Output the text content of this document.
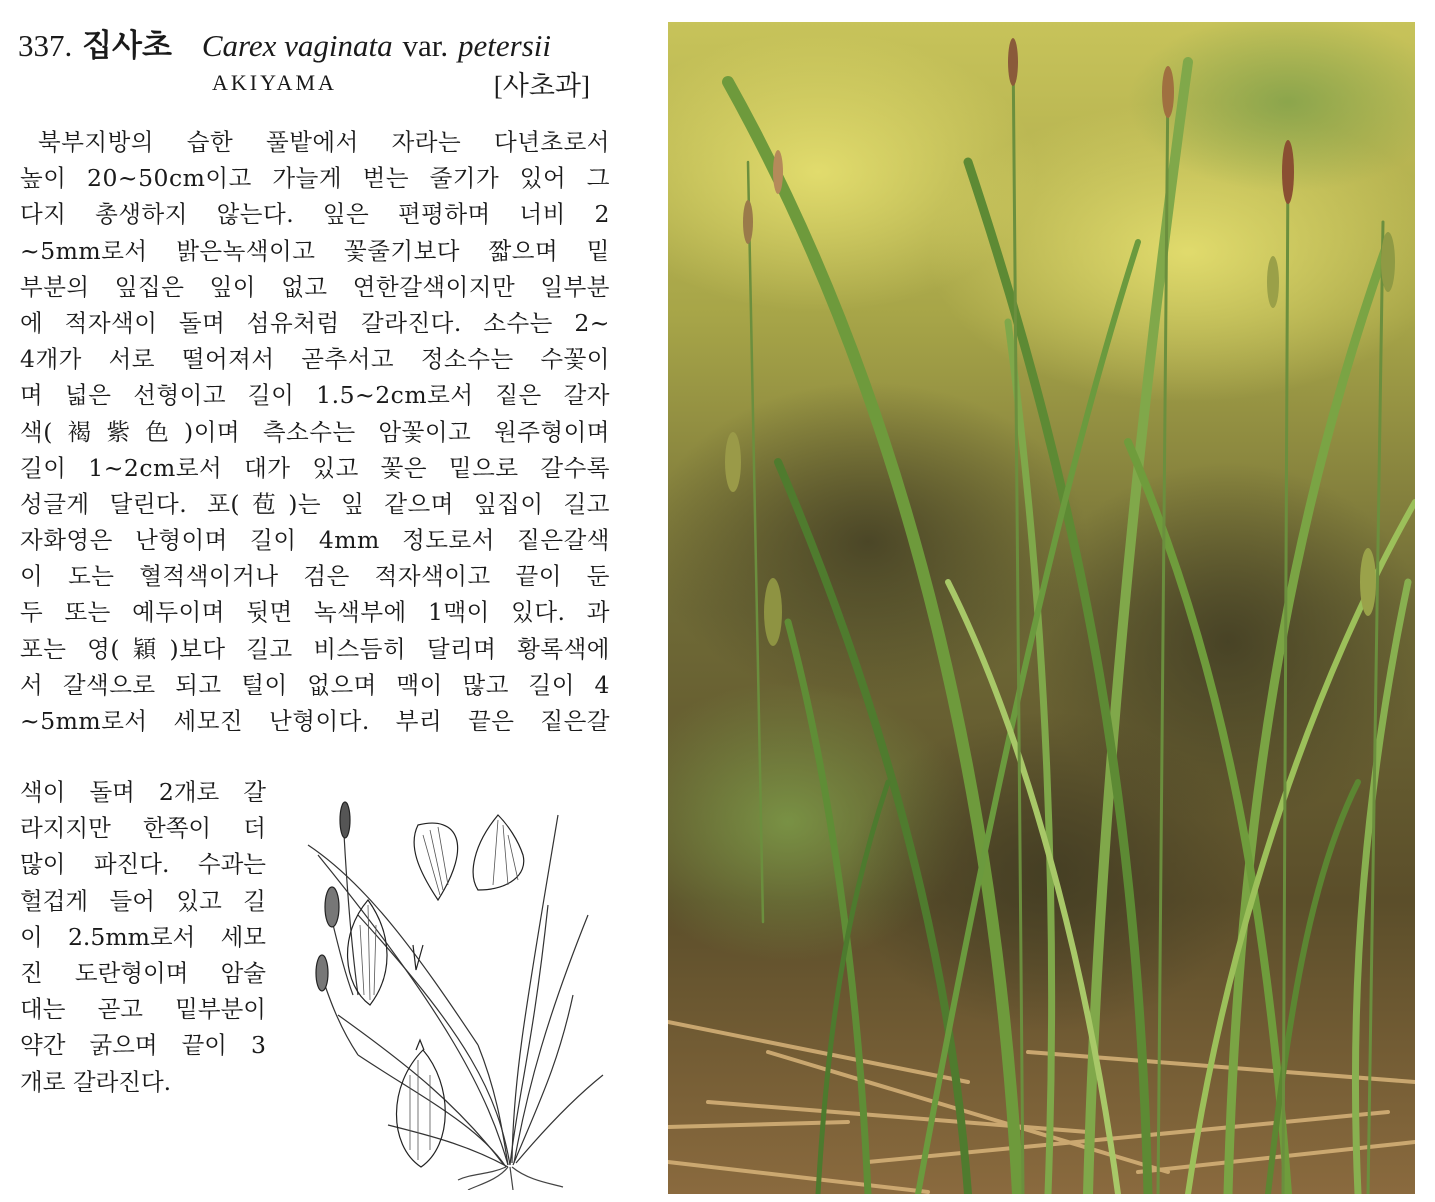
337. 집사초 Carex vaginata var. petersii
AKIYAMA	[사초과]
북부지방의 습한 풀밭에서 자라는 다년초로서
높이 20~50cm이고 가늘게 벋는 줄기가 있어 그
다지 총생하지 않는다. 잎은 편평하며 너비 2
~5mm로서 밝은녹색이고 꽃줄기보다 짧으며 밑
부분의 잎집은 잎이 없고 연한갈색이지만 일부분
에 적자색이 돌며 섬유처럼 갈라진다. 소수는 2~
4개가 서로 떨어져서 곧추서고 정소수는 수꽃이
며 넓은 선형이고 길이 1.5~2cm로서 짙은 갈자
색(褐紫色)이며 측소수는 암꽃이고 원주형이며
길이 1~2cm로서 대가 있고 꽃은 밑으로 갈수록
성글게 달린다. 포(苞)는 잎 같으며 잎집이 길고
자화영은 난형이며 길이 4mm 정도로서 짙은갈색
이 도는 혈적색이거나 검은 적자색이고 끝이 둔
두 또는 예두이며 뒷면 녹색부에 1맥이 있다. 과
포는 영(穎)보다 길고 비스듬히 달리며 황록색에
서 갈색으로 되고 털이 없으며 맥이 많고 길이 4
~5mm로서 세모진 난형이다. 부리 끝은 짙은갈
색이 돌며 2개로 갈
라지지만 한쪽이 더
많이 파진다. 수과는
헐겁게 들어 있고 길
이 2.5mm로서 세모
진 도란형이며 암술
대는 곧고 밑부분이
약간 굵으며 끝이 3
개로 갈라진다.
